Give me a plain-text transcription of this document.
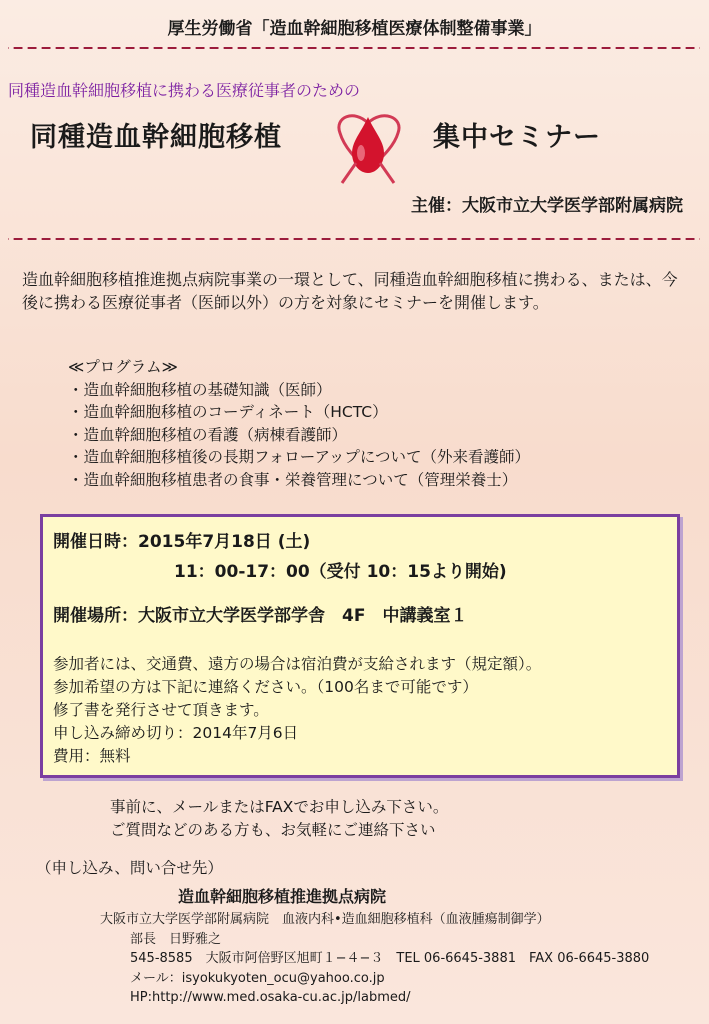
厚生労働省「造血幹細胞移植医療体制整備事業」
同種造血幹細胞移植に携わる医療従事者のための
同種造血幹細胞移植	集中セミナー
主催：大阪市立大学医学部附属病院
造血幹細胞移植推進拠点病院事業の一環として、同種造血幹細胞移植に携わる、または、今後に携わる医療従事者（医師以外）の方を対象にセミナーを開催します。
≪プログラム≫
・造血幹細胞移植の基礎知識（医師）
・造血幹細胞移植のコーディネート（HCTC）
・造血幹細胞移植の看護（病棟看護師）
・造血幹細胞移植後の長期フォローアップについて（外来看護師）
・造血幹細胞移植患者の食事・栄養管理について（管理栄養士）
開催日時：2015年7月18日 (土)
11：00-17：00（受付 10：15より開始)
開催場所：大阪市立大学医学部学舎　4F　中講義室１
参加者には、交通費、遠方の場合は宿泊費が支給されます（規定額）。
参加希望の方は下記に連絡ください。（100名まで可能です）
修了書を発行させて頂きます。
申し込み締め切り：2014年7月6日
費用：無料
事前に、メールまたはFAXでお申し込み下さい。
ご質問などのある方も、お気軽にご連絡下さい
（申し込み、問い合せ先）
造血幹細胞移植推進拠点病院
大阪市立大学医学部附属病院　血液内科•造血細胞移植科（血液腫瘍制御学）
部長　日野雅之
545-8585　大阪市阿倍野区旭町１−４−３　TEL 06-6645-3881　FAX 06-6645-3880
メール：isyokukyoten_ocu@yahoo.co.jp
HP:http://www.med.osaka-cu.ac.jp/labmed/
